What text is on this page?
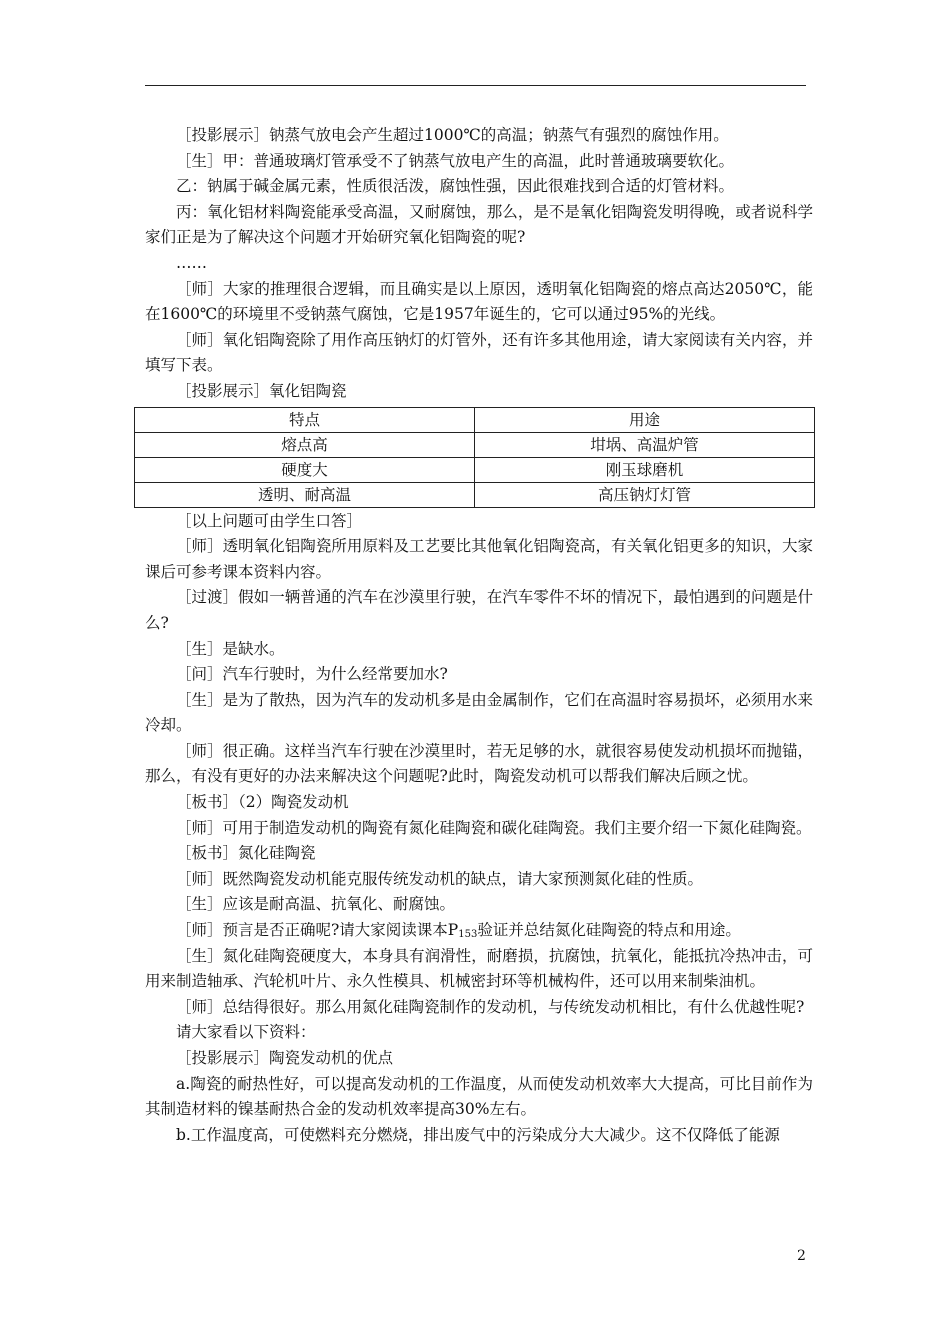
［投影展示］钠蒸气放电会产生超过1000℃的高温；钠蒸气有强烈的腐蚀作用。

［生］甲：普通玻璃灯管承受不了钠蒸气放电产生的高温，此时普通玻璃要软化。

乙：钠属于碱金属元素，性质很活泼，腐蚀性强，因此很难找到合适的灯管材料。

丙：氧化铝材料陶瓷能承受高温，又耐腐蚀，那么，是不是氧化铝陶瓷发明得晚，或者说科学家们正是为了解决这个问题才开始研究氧化铝陶瓷的呢?

……

［师］大家的推理很合逻辑，而且确实是以上原因，透明氧化铝陶瓷的熔点高达2050℃，能在1600℃的环境里不受钠蒸气腐蚀，它是1957年诞生的，它可以通过95%的光线。

［师］氧化铝陶瓷除了用作高压钠灯的灯管外，还有许多其他用途，请大家阅读有关内容，并填写下表。

［投影展示］氧化铝陶瓷

特点	用途
熔点高	坩埚、高温炉管
硬度大	刚玉球磨机
透明、耐高温	高压钠灯灯管

［以上问题可由学生口答］

［师］透明氧化铝陶瓷所用原料及工艺要比其他氧化铝陶瓷高，有关氧化铝更多的知识，大家课后可参考课本资料内容。

［过渡］假如一辆普通的汽车在沙漠里行驶，在汽车零件不坏的情况下，最怕遇到的问题是什么?

［生］是缺水。

［问］汽车行驶时，为什么经常要加水?

［生］是为了散热，因为汽车的发动机多是由金属制作，它们在高温时容易损坏，必须用水来冷却。

［师］很正确。这样当汽车行驶在沙漠里时，若无足够的水，就很容易使发动机损坏而抛锚，那么，有没有更好的办法来解决这个问题呢?此时，陶瓷发动机可以帮我们解决后顾之忧。

［板书］（2）陶瓷发动机

［师］可用于制造发动机的陶瓷有氮化硅陶瓷和碳化硅陶瓷。我们主要介绍一下氮化硅陶瓷。

［板书］氮化硅陶瓷

［师］既然陶瓷发动机能克服传统发动机的缺点，请大家预测氮化硅的性质。

［生］应该是耐高温、抗氧化、耐腐蚀。

［师］预言是否正确呢?请大家阅读课本$P_{153}$验证并总结氮化硅陶瓷的特点和用途。

［生］氮化硅陶瓷硬度大，本身具有润滑性，耐磨损，抗腐蚀，抗氧化，能抵抗冷热冲击，可用来制造轴承、汽轮机叶片、永久性模具、机械密封环等机械构件，还可以用来制柴油机。

［师］总结得很好。那么用氮化硅陶瓷制作的发动机，与传统发动机相比，有什么优越性呢?

请大家看以下资料：

［投影展示］陶瓷发动机的优点

a.陶瓷的耐热性好，可以提高发动机的工作温度，从而使发动机效率大大提高，可比目前作为其制造材料的镍基耐热合金的发动机效率提高30%左右。

b.工作温度高，可使燃料充分燃烧，排出废气中的污染成分大大减少。这不仅降低了能源

2
